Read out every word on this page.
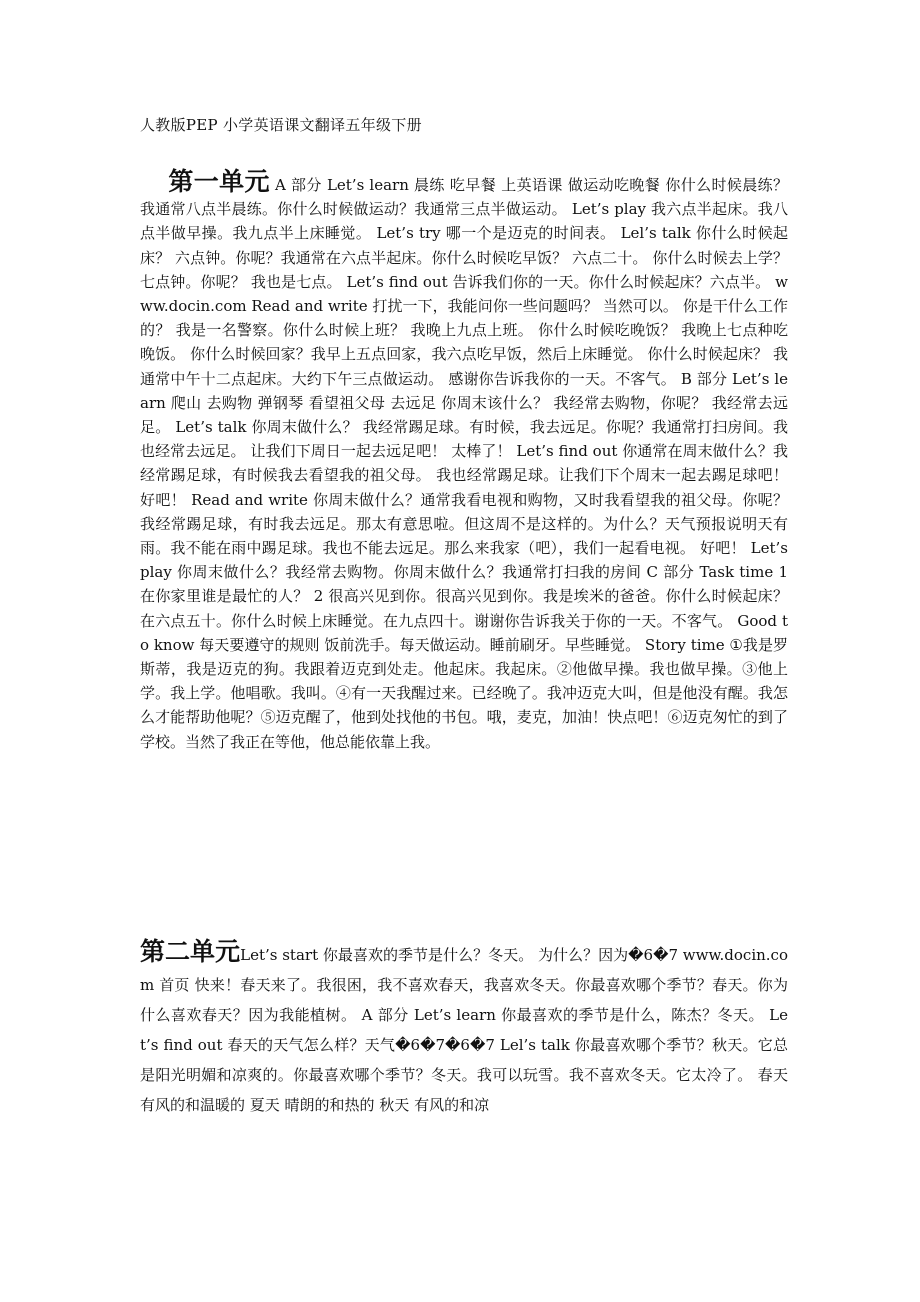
人教版PEP 小学英语课文翻译五年级下册
第一单元 A 部分 Let’s learn 晨练 吃早餐 上英语课 做运动吃晚餐 你什么时候晨练？我通常八点半晨练。你什么时候做运动？我通常三点半做运动。 Let’s play 我六点半起床。我八点半做早操。我九点半上床睡觉。 Let’s try 哪一个是迈克的时间表。 Lel’s talk 你什么时候起床？ 六点钟。你呢？我通常在六点半起床。你什么时候吃早饭？ 六点二十。 你什么时候去上学？ 七点钟。你呢？ 我也是七点。 Let’s find out 告诉我们你的一天。你什么时候起床？六点半。 www.docin.com Read and write 打扰一下，我能问你一些问题吗？ 当然可以。 你是干什么工作的？ 我是一名警察。你什么时候上班？ 我晚上九点上班。 你什么时候吃晚饭？ 我晚上七点种吃晚饭。 你什么时候回家？我早上五点回家，我六点吃早饭，然后上床睡觉。 你什么时候起床？ 我通常中午十二点起床。大约下午三点做运动。 感谢你告诉我你的一天。不客气。 B 部分 Let’s learn 爬山 去购物 弹钢琴 看望祖父母 去远足 你周末该什么？ 我经常去购物，你呢？ 我经常去远足。 Let’s talk 你周末做什么？ 我经常踢足球。有时候，我去远足。你呢？我通常打扫房间。我也经常去远足。 让我们下周日一起去远足吧！ 太棒了！ Let’s find out 你通常在周末做什么？我经常踢足球，有时候我去看望我的祖父母。 我也经常踢足球。让我们下个周末一起去踢足球吧！ 好吧！ Read and write 你周末做什么？通常我看电视和购物，又时我看望我的祖父母。你呢？我经常踢足球，有时我去远足。那太有意思啦。但这周不是这样的。为什么？天气预报说明天有雨。我不能在雨中踢足球。我也不能去远足。那么来我家（吧），我们一起看电视。 好吧！ Let’s play 你周末做什么？我经常去购物。你周末做什么？我通常打扫我的房间 C 部分 Task time 1 在你家里谁是最忙的人？ 2 很高兴见到你。很高兴见到你。我是埃米的爸爸。你什么时候起床？在六点五十。你什么时候上床睡觉。在九点四十。谢谢你告诉我关于你的一天。不客气。 Good to know 每天要遵守的规则 饭前洗手。每天做运动。睡前刷牙。早些睡觉。 Story time ①我是罗斯蒂，我是迈克的狗。我跟着迈克到处走。他起床。我起床。②他做早操。我也做早操。③他上学。我上学。他唱歌。我叫。④有一天我醒过来。已经晚了。我冲迈克大叫，但是他没有醒。我怎么才能帮助他呢？⑤迈克醒了，他到处找他的书包。哦，麦克，加油！快点吧！⑥迈克匆忙的到了学校。当然了我正在等他，他总能依靠上我。
第二单元Let’s start 你最喜欢的季节是什么？冬天。 为什么？因为�6�7 www.docin.com 首页 快来！春天来了。我很困，我不喜欢春天，我喜欢冬天。你最喜欢哪个季节？春天。你为什么喜欢春天？因为我能植树。 A 部分 Let’s learn 你最喜欢的季节是什么，陈杰？冬天。 Let’s find out 春天的天气怎么样？天气�6�7�6�7 Lel’s talk 你最喜欢哪个季节？秋天。它总是阳光明媚和凉爽的。你最喜欢哪个季节？冬天。我可以玩雪。我不喜欢冬天。它太冷了。 春天 有风的和温暖的 夏天 晴朗的和热的 秋天 有风的和凉
